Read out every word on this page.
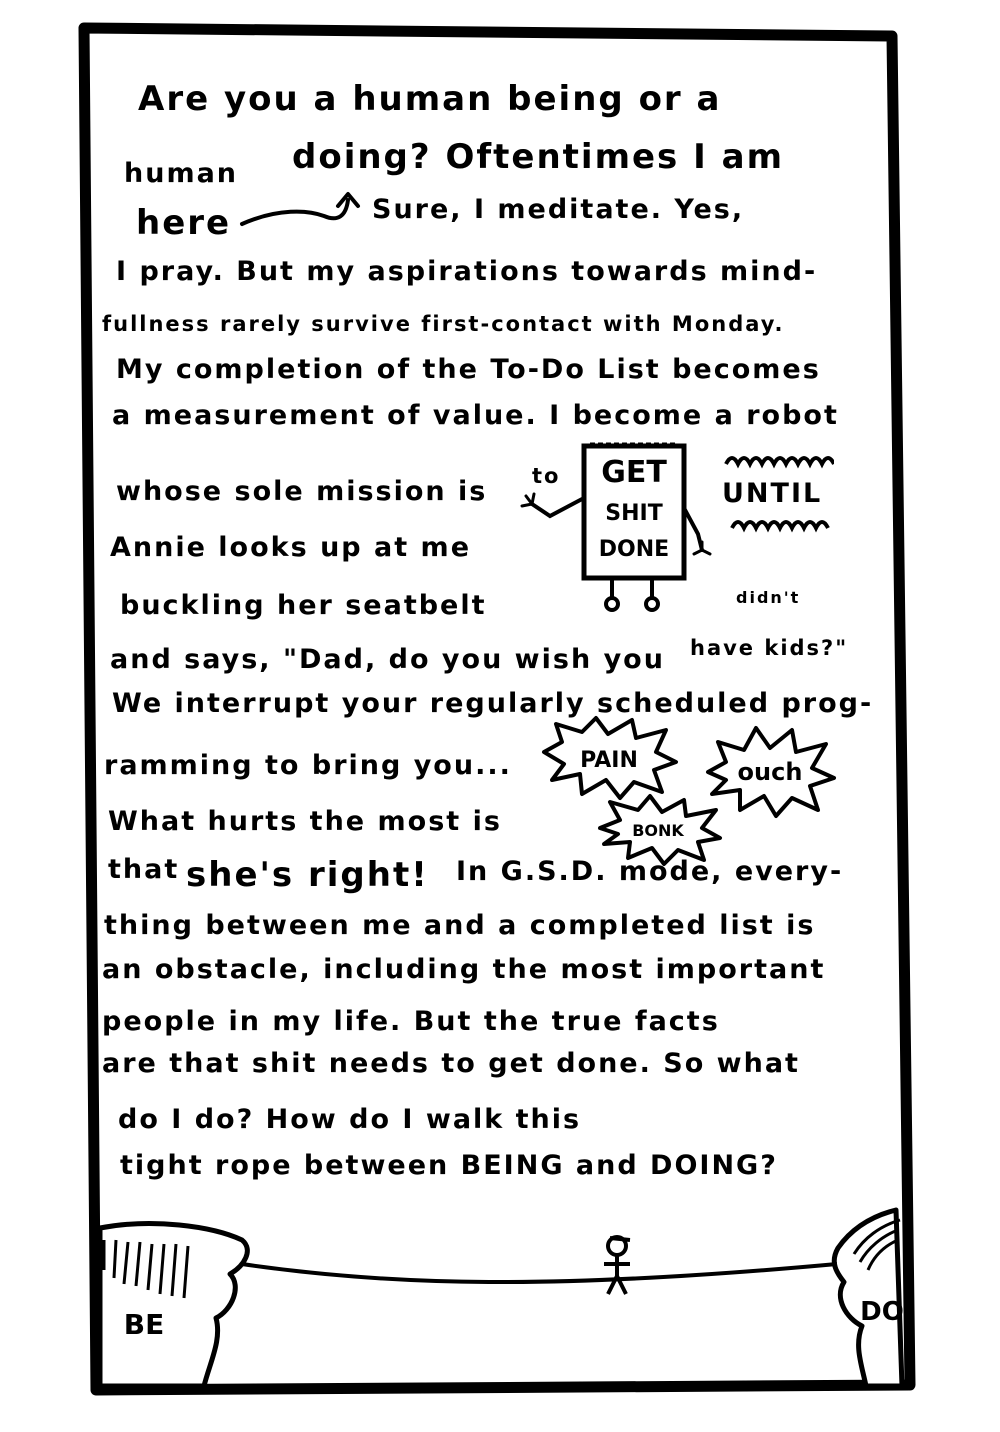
Are you a human being or a
human doing? Oftentimes I am
here	Sure, I meditate. Yes,
I pray. But my aspirations towards mind-
fullness rarely survive first-contact with Monday.
My completion of the To-Do List becomes
a measurement of value. I become a robot
whose sole mission is to GET
SHIT
DONE
UNTIL
Annie looks up at me
buckling her seatbelt
and says, "Dad, do you wish you
didn't
have kids?"
We interrupt your regularly scheduled prog-
ramming to bring you...	PAIN	ouch
BONK
What hurts the most is
that she's right! In G.S.D. mode, every-
thing between me and a completed list is
an obstacle, including the most important
people in my life. But the true facts
are that shit needs to get done. So what
do I do? How do I walk this
tight rope between BEING and DOING?
BE	DO
